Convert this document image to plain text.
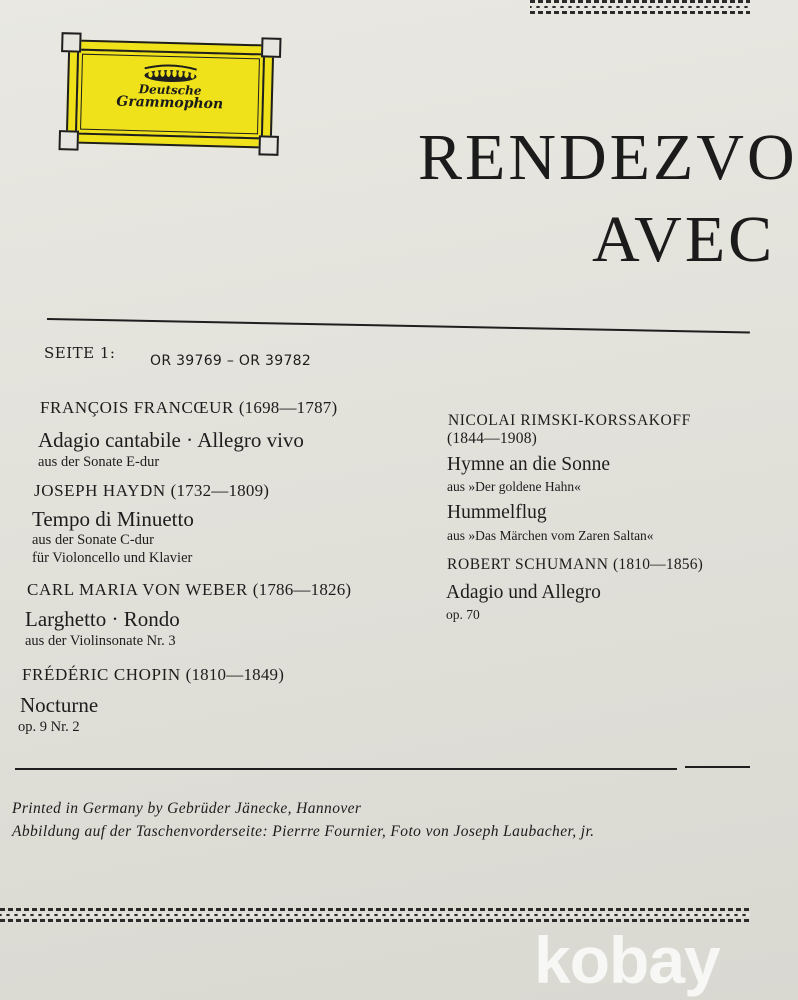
Deutsche
Grammophon
RENDEZVO
AVEC
SEITE 1: OR 39769 – OR 39782
FRANÇOIS FRANCŒUR (1698—1787)
Adagio cantabile · Allegro vivo
aus der Sonate E-dur
JOSEPH HAYDN (1732—1809)
Tempo di Minuetto
aus der Sonate C-dur
für Violoncello und Klavier
CARL MARIA VON WEBER (1786—1826)
Larghetto · Rondo
aus der Violinsonate Nr. 3
FRÉDÉRIC CHOPIN (1810—1849)
Nocturne
op. 9 Nr. 2
NICOLAI RIMSKI-KORSSAKOFF
(1844—1908)
Hymne an die Sonne
aus »Der goldene Hahn«
Hummelflug
aus »Das Märchen vom Zaren Saltan«
ROBERT SCHUMANN (1810—1856)
Adagio und Allegro
op. 70
Printed in Germany by Gebrüder Jänecke, Hannover
Abbildung auf der Taschenvorderseite: Pierrre Fournier, Foto von Joseph Laubacher, jr.
kobay
